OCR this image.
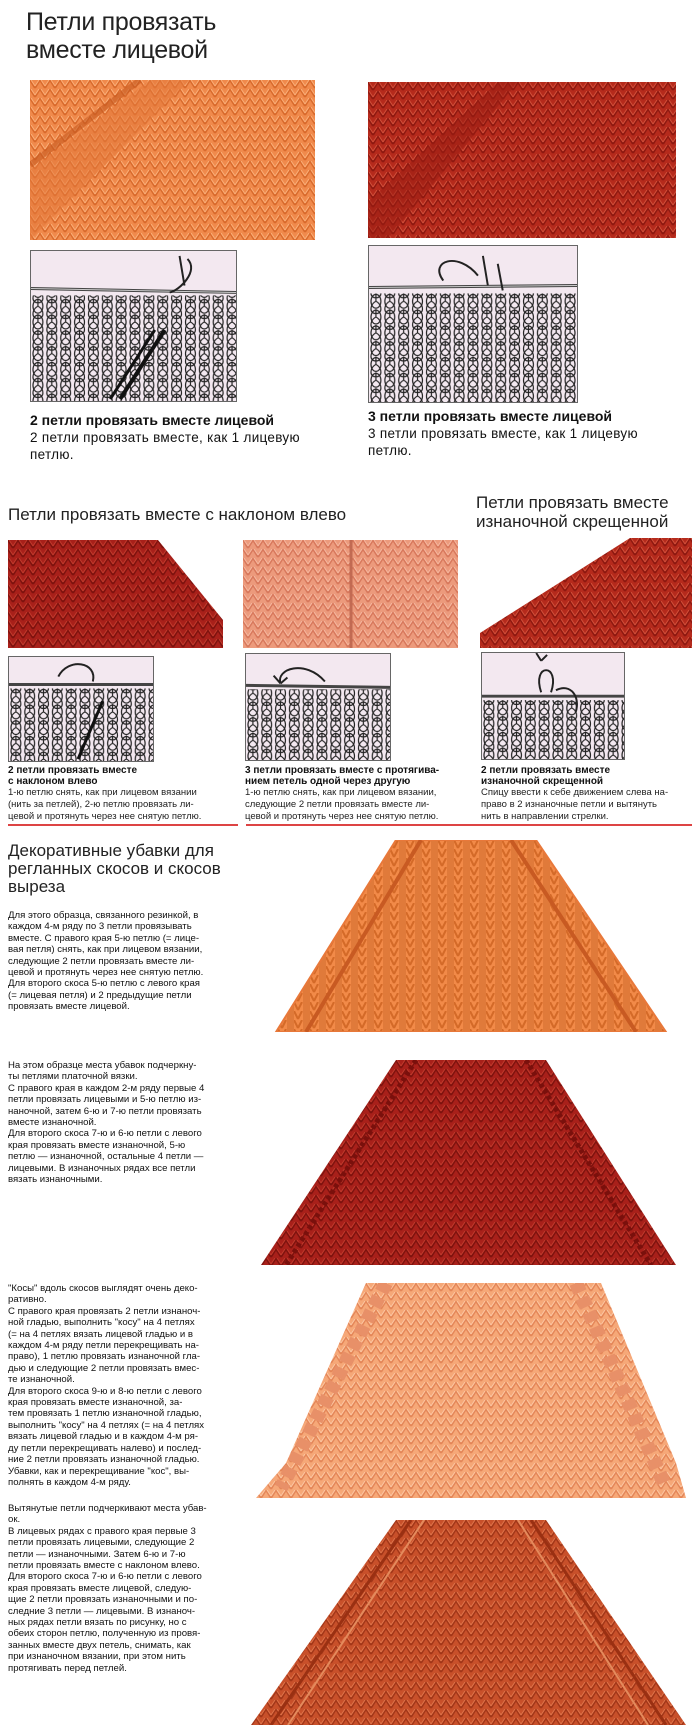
Петли провязать
вместе лицевой
2 петли провязать вместе лицевой
2 петли провязать вместе, как 1 лицевую
петлю.
3 петли провязать вместе лицевой
3 петли провязать вместе, как 1 лицевую
петлю.
Петли провязать вместе с наклоном влево
Петли провязать вместе
изнаночной скрещенной
2 петли провязать вместе
с наклоном влево
1-ю петлю снять, как при лицевом вязании
(нить за петлей), 2-ю петлю провязать ли-
цевой и протянуть через нее снятую петлю.
3 петли провязать вместе с протягива-
нием петель одной через другую
1-ю петлю снять, как при лицевом вязании,
следующие 2 петли провязать вместе ли-
цевой и протянуть через нее снятую петлю.
2 петли провязать вместе
изнаночной скрещенной
Спицу ввести к себе движением слева на-
право в 2 изнаночные петли и вытянуть
нить в направлении стрелки.
Декоративные убавки для
регланных скосов и скосов
выреза
Для этого образца, связанного резинкой, в
каждом 4-м ряду по 3 петли провязывать
вместе. С правого края 5-ю петлю (= лице-
вая петля) снять, как при лицевом вязании,
следующие 2 петли провязать вместе ли-
цевой и протянуть через нее снятую петлю.
Для второго скоса 5-ю петлю с левого края
(= лицевая петля) и 2 предыдущие петли
провязать вместе лицевой.
На этом образце места убавок подчеркну-
ты петлями платочной вязки.
С правого края в каждом 2-м ряду первые 4
петли провязать лицевыми и 5-ю петлю из-
наночной, затем 6-ю и 7-ю петли провязать
вместе изнаночной.
Для второго скоса 7-ю и 6-ю петли с левого
края провязать вместе изнаночной, 5-ю
петлю — изнаночной, остальные 4 петли —
лицевыми. В изнаночных рядах все петли
вязать изнаночными.
"Косы" вдоль скосов выглядят очень деко-
ративно.
С правого края провязать 2 петли изнаноч-
ной гладью, выполнить "косу" на 4 петлях
(= на 4 петлях вязать лицевой гладью и в
каждом 4-м ряду петли перекрещивать на-
право), 1 петлю провязать изнаночной гла-
дью и следующие 2 петли провязать вмес-
те изнаночной.
Для второго скоса 9-ю и 8-ю петли с левого
края провязать вместе изнаночной, за-
тем провязать 1 петлю изнаночной гладью,
выполнить "косу" на 4 петлях (= на 4 петлях
вязать лицевой гладью и в каждом 4-м ря-
ду петли перекрещивать налево) и послед-
ние 2 петли провязать изнаночной гладью.
Убавки, как и перекрещивание "кос", вы-
полнять в каждом 4-м ряду.
Вытянутые петли подчеркивают места убав-
ок.
В лицевых рядах с правого края первые 3
петли провязать лицевыми, следующие 2
петли — изнаночными. Затем 6-ю и 7-ю
петли провязать вместе с наклоном влево.
Для второго скоса 7-ю и 6-ю петли с левого
края провязать вместе лицевой, следую-
щие 2 петли провязать изнаночными и по-
следние 3 петли — лицевыми. В изнаноч-
ных рядах петли вязать по рисунку, но с
обеих сторон петлю, полученную из провя-
занных вместе двух петель, снимать, как
при изнаночном вязании, при этом нить
протягивать перед петлей.
